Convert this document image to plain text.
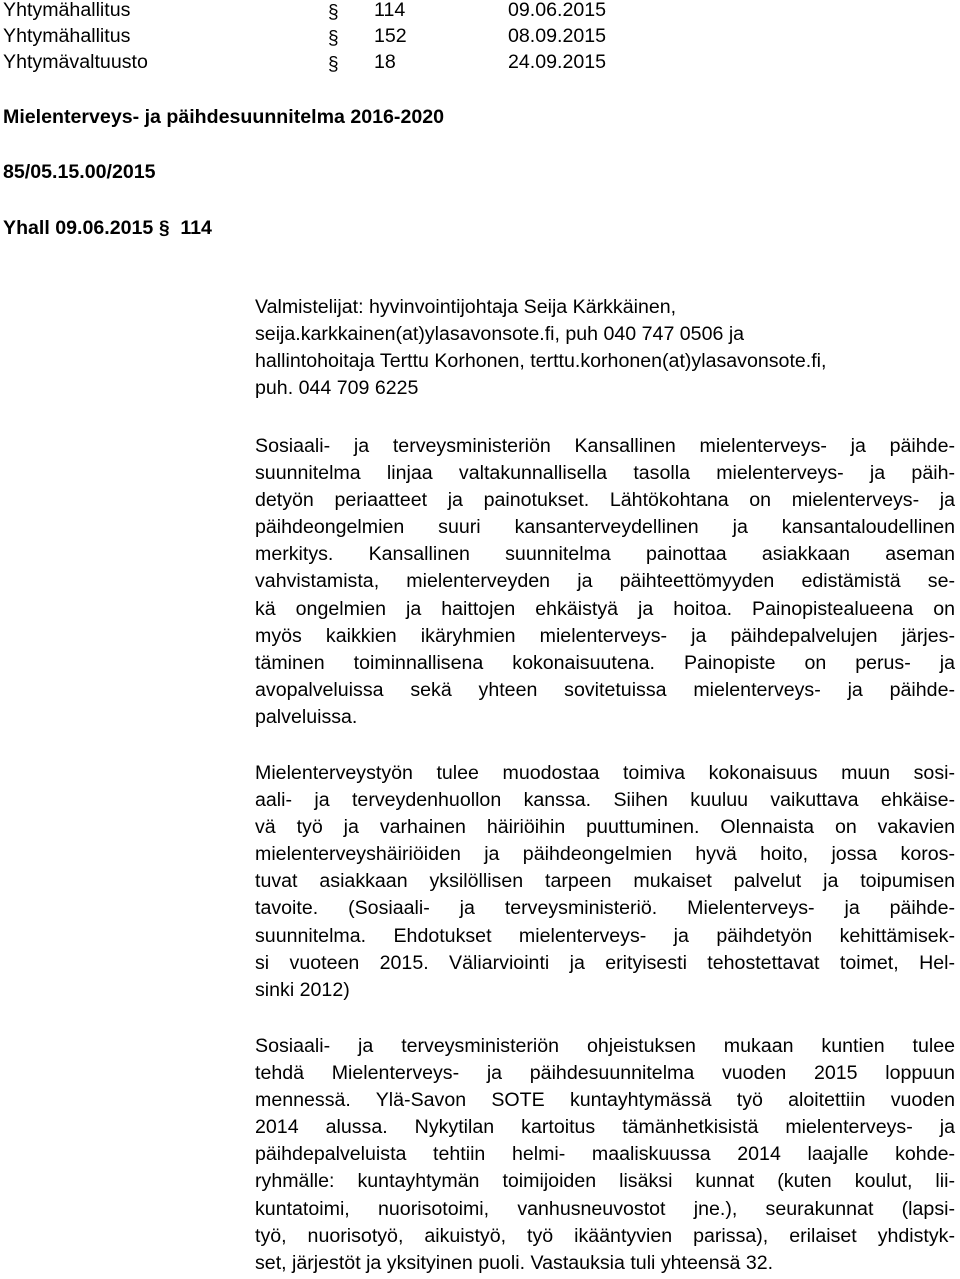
Yhtymähallitus	§ 114	09.06.2015
Yhtymähallitus	§ 152	08.09.2015
Yhtymävaltuusto	§ 18	24.09.2015
Mielenterveys- ja päihdesuunnitelma 2016-2020
85/05.15.00/2015
Yhall 09.06.2015 § 114
Valmistelijat: hyvinvointijohtaja Seija Kärkkäinen,
seija.karkkainen(at)ylasavonsote.fi, puh 040 747 0506 ja
hallintohoitaja Terttu Korhonen, terttu.korhonen(at)ylasavonsote.fi,
puh. 044 709 6225
Sosiaali- ja terveysministeriön Kansallinen mielenterveys- ja päihde-
suunnitelma linjaa valtakunnallisella tasolla mielenterveys- ja päih-
detyön periaatteet ja painotukset. Lähtökohtana on mielenterveys- ja
päihdeongelmien suuri kansanterveydellinen ja kansantaloudellinen
merkitys. Kansallinen suunnitelma painottaa asiakkaan aseman
vahvistamista, mielenterveyden ja päihteettömyyden edistämistä se-
kä ongelmien ja haittojen ehkäistyä ja hoitoa. Painopistealueena on
myös kaikkien ikäryhmien mielenterveys- ja päihdepalvelujen järjes-
täminen toiminnallisena kokonaisuutena. Painopiste on perus- ja
avopalveluissa sekä yhteen sovitetuissa mielenterveys- ja päihde-
palveluissa.
Mielenterveystyön tulee muodostaa toimiva kokonaisuus muun sosi-
aali- ja terveydenhuollon kanssa. Siihen kuuluu vaikuttava ehkäise-
vä työ ja varhainen häiriöihin puuttuminen. Olennaista on vakavien
mielenterveyshäiriöiden ja päihdeongelmien hyvä hoito, jossa koros-
tuvat asiakkaan yksilöllisen tarpeen mukaiset palvelut ja toipumisen
tavoite. (Sosiaali- ja terveysministeriö. Mielenterveys- ja päihde-
suunnitelma. Ehdotukset mielenterveys- ja päihdetyön kehittämisek-
si vuoteen 2015. Väliarviointi ja erityisesti tehostettavat toimet, Hel-
sinki 2012)
Sosiaali- ja terveysministeriön ohjeistuksen mukaan kuntien tulee
tehdä Mielenterveys- ja päihdesuunnitelma vuoden 2015 loppuun
mennessä. Ylä-Savon SOTE kuntayhtymässä työ aloitettiin vuoden
2014 alussa. Nykytilan kartoitus tämänhetkisistä mielenterveys- ja
päihdepalveluista tehtiin helmi- maaliskuussa 2014 laajalle kohde-
ryhmälle: kuntayhtymän toimijoiden lisäksi kunnat (kuten koulut, lii-
kuntatoimi, nuorisotoimi, vanhusneuvostot jne.), seurakunnat (lapsi-
työ, nuorisotyö, aikuistyö, työ ikääntyvien parissa), erilaiset yhdistyk-
set, järjestöt ja yksityinen puoli. Vastauksia tuli yhteensä 32.
